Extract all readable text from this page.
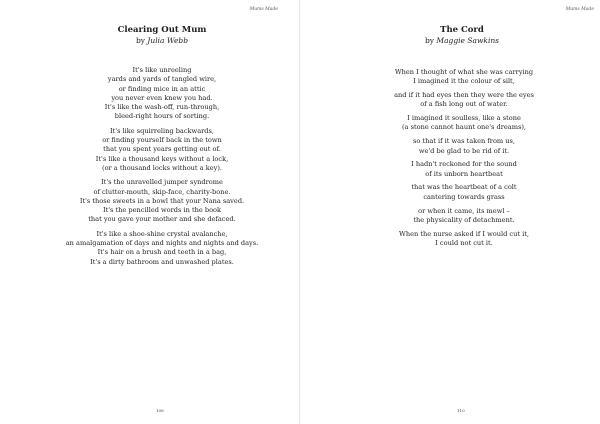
Mums Made
Clearing Out Mum
by Julia Webb
It's like unreeling
yards and yards of tangled wire,
or finding mice in an attic
you never even knew you had.
It's like the wash-off, run-through,
bleed-right hours of sorting.
It's like squirreling backwards,
or finding yourself back in the town
that you spent years getting out of.
It's like a thousand keys without a lock,
(or a thousand locks without a key).
It's the unravelled jumper syndrome
of clutter-mouth, skip-face, charity-bone.
It's those sweets in a bowl that your Nana saved.
It's the pencilled words in the book
that you gave your mother and she defaced.
It's like a shoe-shine crystal avalanche,
an amalgamation of days and nights and nights and days.
It's hair on a brush and teeth in a bag,
It's a dirty bathroom and unwashed plates.
108
Mums Made
The Cord
by Maggie Sawkins
When I thought of what she was carrying
I imagined it the colour of silt,
and if it had eyes then they were the eyes
of a fish long out of water.
I imagined it soulless, like a stone
(a stone cannot haunt one's dreams),
so that if it was taken from us,
we'd be glad to be rid of it.
I hadn't reckoned for the sound
of its unborn heartbeat
that was the heartbeat of a colt
cantering towards grass
or when it came, its mewl –
the physicality of detachment.
When the nurse asked if I would cut it,
I could not cut it.
110
